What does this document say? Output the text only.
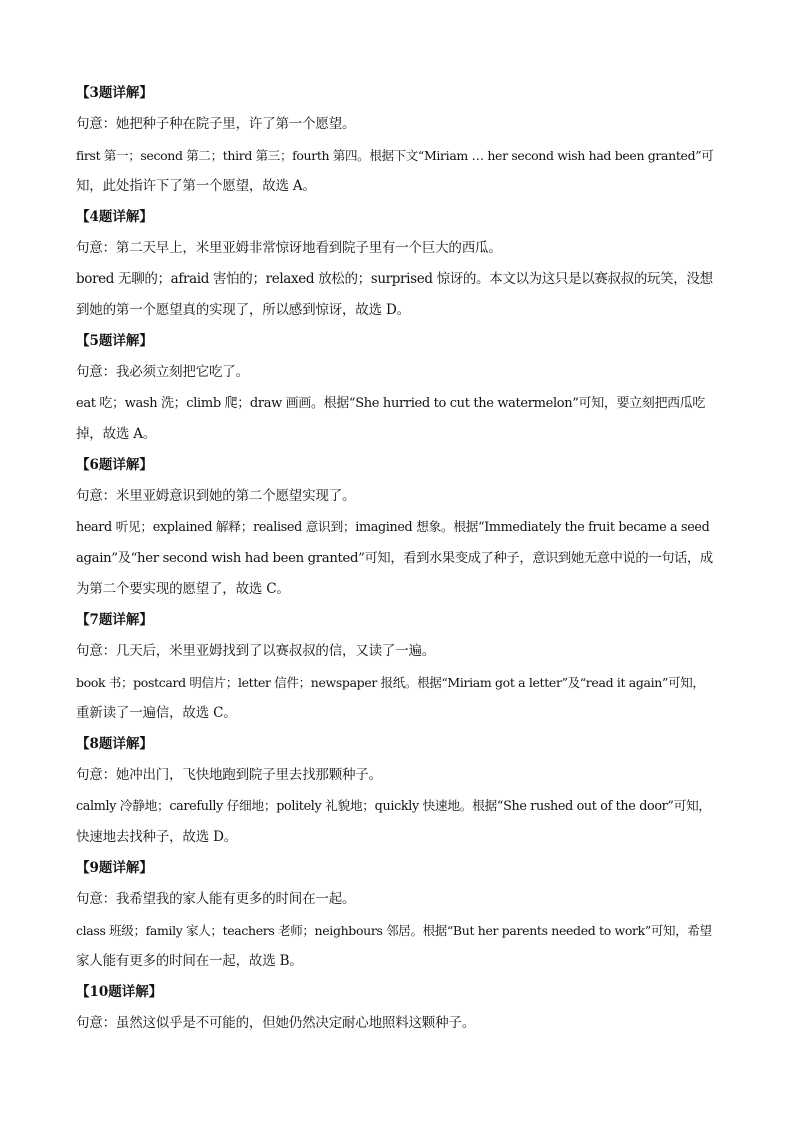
【3题详解】
句意：她把种子种在院子里，许了第一个愿望。
first 第一；second 第二；third 第三；fourth 第四。根据下文“Miriam … her second wish had been granted”可
知，此处指许下了第一个愿望，故选 A。
【4题详解】
句意：第二天早上，米里亚姆非常惊讶地看到院子里有一个巨大的西瓜。
bored 无聊的；afraid 害怕的；relaxed 放松的；surprised 惊讶的。本文以为这只是以赛叔叔的玩笑，没想
到她的第一个愿望真的实现了，所以感到惊讶，故选 D。
【5题详解】
句意：我必须立刻把它吃了。
eat 吃；wash 洗；climb 爬；draw 画画。根据“She hurried to cut the watermelon”可知，要立刻把西瓜吃
掉，故选 A。
【6题详解】
句意：米里亚姆意识到她的第二个愿望实现了。
heard 听见；explained 解释；realised 意识到；imagined 想象。根据“Immediately the fruit became a seed
again”及“her second wish had been granted”可知，看到水果变成了种子，意识到她无意中说的一句话，成
为第二个要实现的愿望了，故选 C。
【7题详解】
句意：几天后，米里亚姆找到了以赛叔叔的信，又读了一遍。
book 书；postcard 明信片；letter 信件；newspaper 报纸。根据“Miriam got a letter”及“read it again”可知，
重新读了一遍信，故选 C。
【8题详解】
句意：她冲出门，飞快地跑到院子里去找那颗种子。
calmly 冷静地；carefully 仔细地；politely 礼貌地；quickly 快速地。根据“She rushed out of the door”可知，
快速地去找种子，故选 D。
【9题详解】
句意：我希望我的家人能有更多的时间在一起。
class 班级；family 家人；teachers 老师；neighbours 邻居。根据“But her parents needed to work”可知，希望
家人能有更多的时间在一起，故选 B。
【10题详解】
句意：虽然这似乎是不可能的，但她仍然决定耐心地照料这颗种子。
